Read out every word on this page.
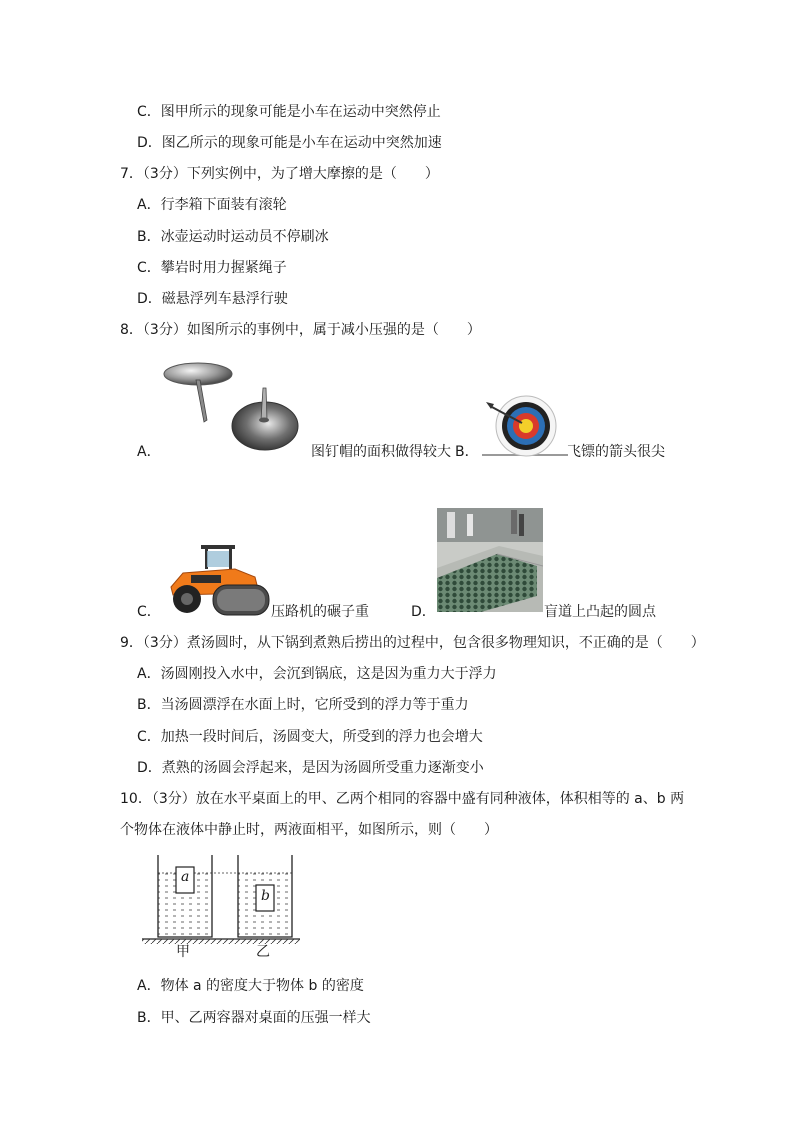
C．图甲所示的现象可能是小车在运动中突然停止
D．图乙所示的现象可能是小车在运动中突然加速
7．（3分）下列实例中，为了增大摩擦的是（　　）
A．行李箱下面装有滚轮
B．冰壶运动时运动员不停刷冰
C．攀岩时用力握紧绳子
D．磁悬浮列车悬浮行驶
8．（3分）如图所示的事例中，属于减小压强的是（　　）
A．	图钉帽的面积做得较大 B．	飞镖的箭头很尖
C．	压路机的碾子重	D．	盲道上凸起的圆点
9．（3分）煮汤圆时，从下锅到煮熟后捞出的过程中，包含很多物理知识，不正确的是（　　）
A．汤圆刚投入水中，会沉到锅底，这是因为重力大于浮力
B．当汤圆漂浮在水面上时，它所受到的浮力等于重力
C．加热一段时间后，汤圆变大，所受到的浮力也会增大
D．煮熟的汤圆会浮起来，是因为汤圆所受重力逐渐变小
10．（3分）放在水平桌面上的甲、乙两个相同的容器中盛有同种液体，体积相等的 a、b 两
个物体在液体中静止时，两液面相平，如图所示，则（　　）
a
b
甲	乙
A．物体 a 的密度大于物体 b 的密度
B．甲、乙两容器对桌面的压强一样大
